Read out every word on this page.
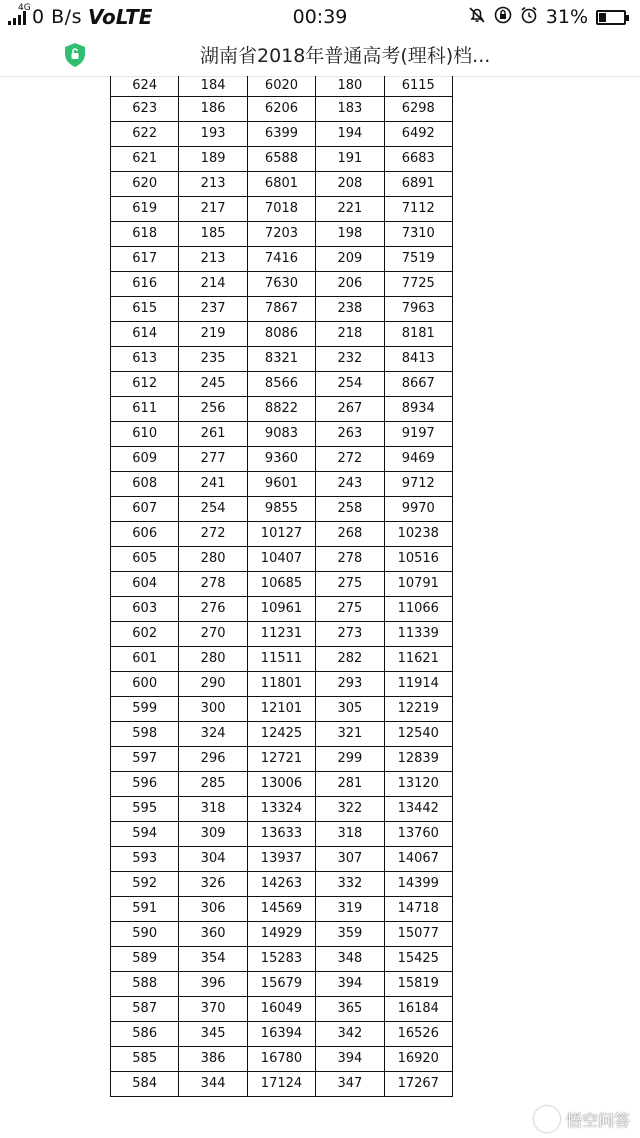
4G 0 B/s VoLTE	00:39	31%
湖南省2018年普通高考(理科)档...
624	184	6020	180	6115
623	186	6206	183	6298
622	193	6399	194	6492
621	189	6588	191	6683
620	213	6801	208	6891
619	217	7018	221	7112
618	185	7203	198	7310
617	213	7416	209	7519
616	214	7630	206	7725
615	237	7867	238	7963
614	219	8086	218	8181
613	235	8321	232	8413
612	245	8566	254	8667
611	256	8822	267	8934
610	261	9083	263	9197
609	277	9360	272	9469
608	241	9601	243	9712
607	254	9855	258	9970
606	272	10127	268	10238
605	280	10407	278	10516
604	278	10685	275	10791
603	276	10961	275	11066
602	270	11231	273	11339
601	280	11511	282	11621
600	290	11801	293	11914
599	300	12101	305	12219
598	324	12425	321	12540
597	296	12721	299	12839
596	285	13006	281	13120
595	318	13324	322	13442
594	309	13633	318	13760
593	304	13937	307	14067
592	326	14263	332	14399
591	306	14569	319	14718
590	360	14929	359	15077
589	354	15283	348	15425
588	396	15679	394	15819
587	370	16049	365	16184
586	345	16394	342	16526
585	386	16780	394	16920
584	344	17124	347	17267
悟空问答
